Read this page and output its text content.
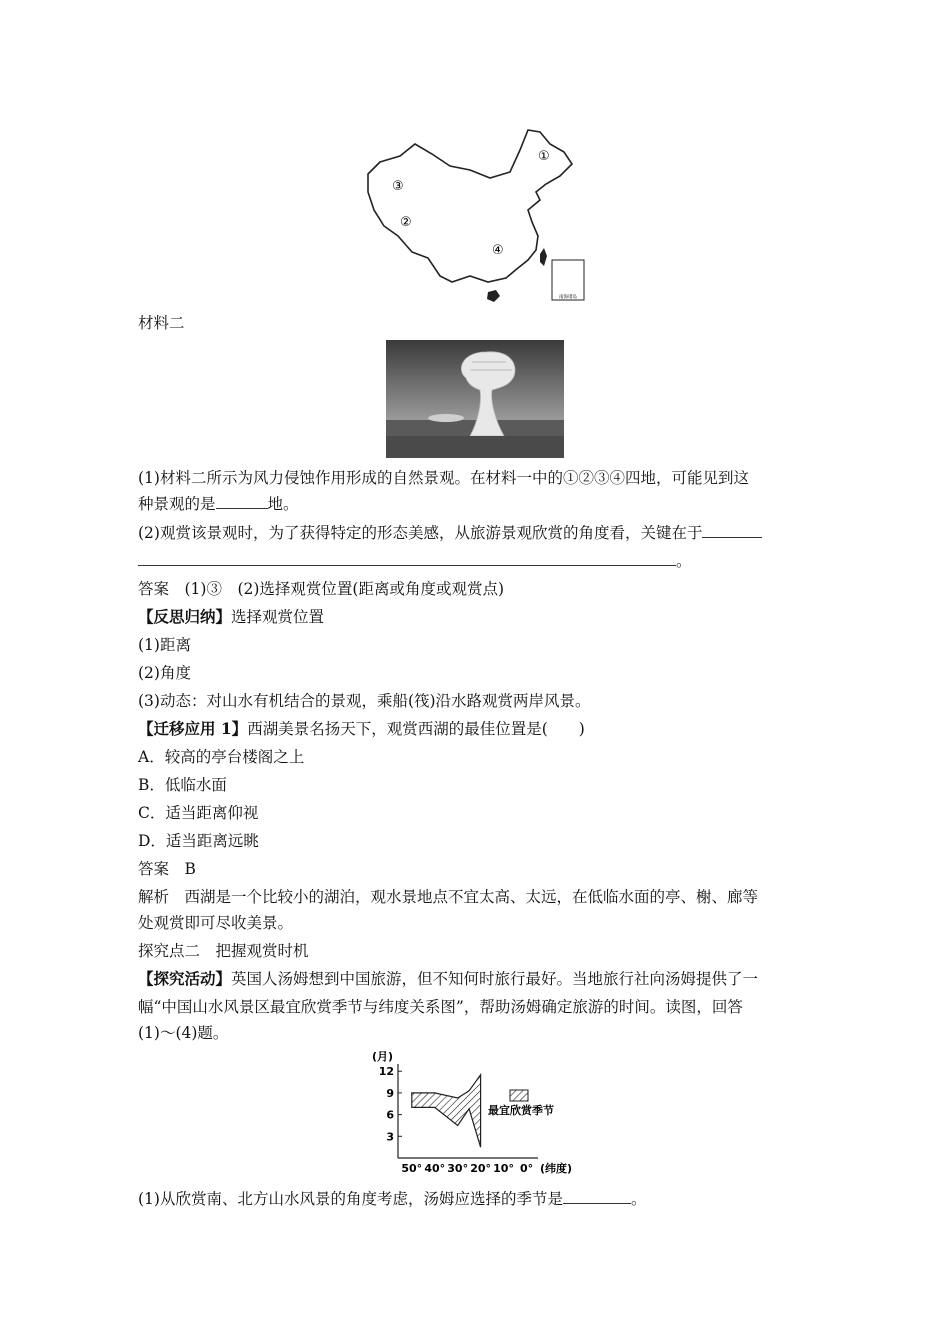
南海诸岛
①
③
②
④
材料二
(1)材料二所示为风力侵蚀作用形成的自然景观。在材料一中的①②③④四地，可能见到这
种景观的是	地。
(2)观赏该景观时，为了获得特定的形态美感，从旅游景观欣赏的角度看，关键在于
。
答案　(1)③　(2)选择观赏位置(距离或角度或观赏点)
【反思归纳】选择观赏位置
(1)距离
(2)角度
(3)动态：对山水有机结合的景观，乘船(筏)沿水路观赏两岸风景。
【迁移应用 1】西湖美景名扬天下，观赏西湖的最佳位置是(　　)
A．较高的亭台楼阁之上
B．低临水面
C．适当距离仰视
D．适当距离远眺
答案　B
解析　西湖是一个比较小的湖泊，观水景地点不宜太高、太远，在低临水面的亭、榭、廊等
处观赏即可尽收美景。
探究点二　把握观赏时机
【探究活动】英国人汤姆想到中国旅游，但不知何时旅行最好。当地旅行社向汤姆提供了一
幅“中国山水风景区最宜欣赏季节与纬度关系图”，帮助汤姆确定旅游的时间。读图，回答
(1)～(4)题。
(月)
12
9
6
3
50° 40° 30° 20° 10° 0°
最宜欣赏季节
(纬度)
(1)从欣赏南、北方山水风景的角度考虑，汤姆应选择的季节是	。
